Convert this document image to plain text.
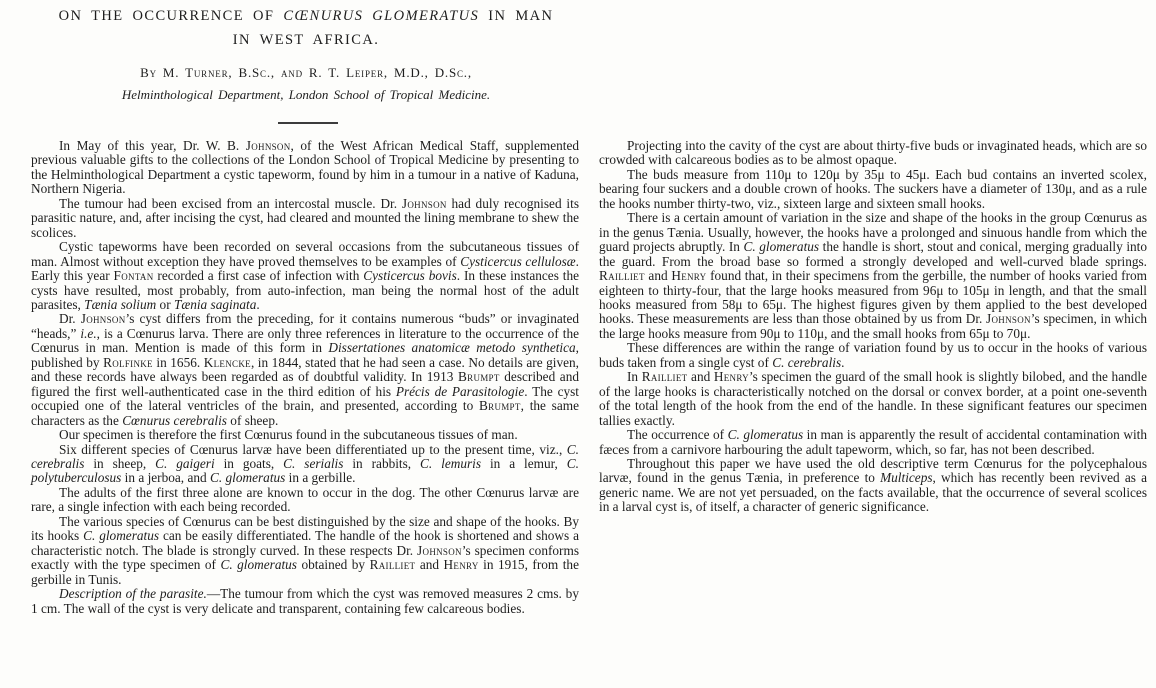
ON THE OCCURRENCE OF CŒNURUS GLOMERATUS IN MAN
IN WEST AFRICA.
By M. Turner, B.Sc., and R. T. Leiper, M.D., D.Sc.,
Helminthological Department, London School of Tropical Medicine.

In May of this year, Dr. W. B. Johnson, of the West African Medical Staff, supplemented previous valuable gifts to the collections of the London School of Tropical Medicine by presenting to the Helminthological Department a cystic tapeworm, found by him in a tumour in a native of Kaduna, Northern Nigeria.

The tumour had been excised from an intercostal muscle. Dr. Johnson had duly recognised its parasitic nature, and, after incising the cyst, had cleared and mounted the lining membrane to shew the scolices.

Cystic tapeworms have been recorded on several occasions from the subcutaneous tissues of man. Almost without exception they have proved themselves to be examples of Cysticercus cellulosæ. Early this year Fontan recorded a first case of infection with Cysticercus bovis. In these instances the cysts have resulted, most probably, from auto-infection, man being the normal host of the adult parasites, Tænia solium or Tænia saginata.

Dr. Johnson’s cyst differs from the preceding, for it contains numerous “buds” or invaginated “heads,” i.e., is a Cœnurus larva. There are only three references in literature to the occurrence of the Cœnurus in man. Mention is made of this form in Dissertationes anatomicæ metodo synthetica, published by Rolfinke in 1656. Klencke, in 1844, stated that he had seen a case. No details are given, and these records have always been regarded as of doubtful validity. In 1913 Brumpt described and figured the first well-authenticated case in the third edition of his Précis de Parasitologie. The cyst occupied one of the lateral ventricles of the brain, and presented, according to Brumpt, the same characters as the Cœnurus cerebralis of sheep.

Our specimen is therefore the first Cœnurus found in the subcutaneous tissues of man.

Six different species of Cœnurus larvæ have been differentiated up to the present time, viz., C. cerebralis in sheep, C. gaigeri in goats, C. serialis in rabbits, C. lemuris in a lemur, C. polytuberculosus in a jerboa, and C. glomeratus in a gerbille.

The adults of the first three alone are known to occur in the dog. The other Cœnurus larvæ are rare, a single infection with each being recorded.

The various species of Cœnurus can be best distinguished by the size and shape of the hooks. By its hooks C. glomeratus can be easily differentiated. The handle of the hook is shortened and shows a characteristic notch. The blade is strongly curved. In these respects Dr. Johnson’s specimen conforms exactly with the type specimen of C. glomeratus obtained by Railliet and Henry in 1915, from the gerbille in Tunis.

Description of the parasite.—The tumour from which the cyst was removed measures 2 cms. by 1 cm. The wall of the cyst is very delicate and transparent, containing few calcareous bodies.

Projecting into the cavity of the cyst are about thirty-five buds or invaginated heads, which are so crowded with calcareous bodies as to be almost opaque.

The buds measure from 110μ to 120μ by 35μ to 45μ. Each bud contains an inverted scolex, bearing four suckers and a double crown of hooks. The suckers have a diameter of 130μ, and as a rule the hooks number thirty-two, viz., sixteen large and sixteen small hooks.

There is a certain amount of variation in the size and shape of the hooks in the group Cœnurus as in the genus Tænia. Usually, however, the hooks have a prolonged and sinuous handle from which the guard projects abruptly. In C. glomeratus the handle is short, stout and conical, merging gradually into the guard. From the broad base so formed a strongly developed and well-curved blade springs. Railliet and Henry found that, in their specimens from the gerbille, the number of hooks varied from eighteen to thirty-four, that the large hooks measured from 96μ to 105μ in length, and that the small hooks measured from 58μ to 65μ. The highest figures given by them applied to the best developed hooks. These measurements are less than those obtained by us from Dr. Johnson’s specimen, in which the large hooks measure from 90μ to 110μ, and the small hooks from 65μ to 70μ.

These differences are within the range of variation found by us to occur in the hooks of various buds taken from a single cyst of C. cerebralis.

In Railliet and Henry’s specimen the guard of the small hook is slightly bilobed, and the handle of the large hooks is characteristically notched on the dorsal or convex border, at a point one-seventh of the total length of the hook from the end of the handle. In these significant features our specimen tallies exactly.

The occurrence of C. glomeratus in man is apparently the result of accidental contamination with fæces from a carnivore harbouring the adult tapeworm, which, so far, has not been described.

Throughout this paper we have used the old descriptive term Cœnurus for the polycephalous larvæ, found in the genus Tænia, in preference to Multiceps, which has recently been revived as a generic name. We are not yet persuaded, on the facts available, that the occurrence of several scolices in a larval cyst is, of itself, a character of generic significance.
